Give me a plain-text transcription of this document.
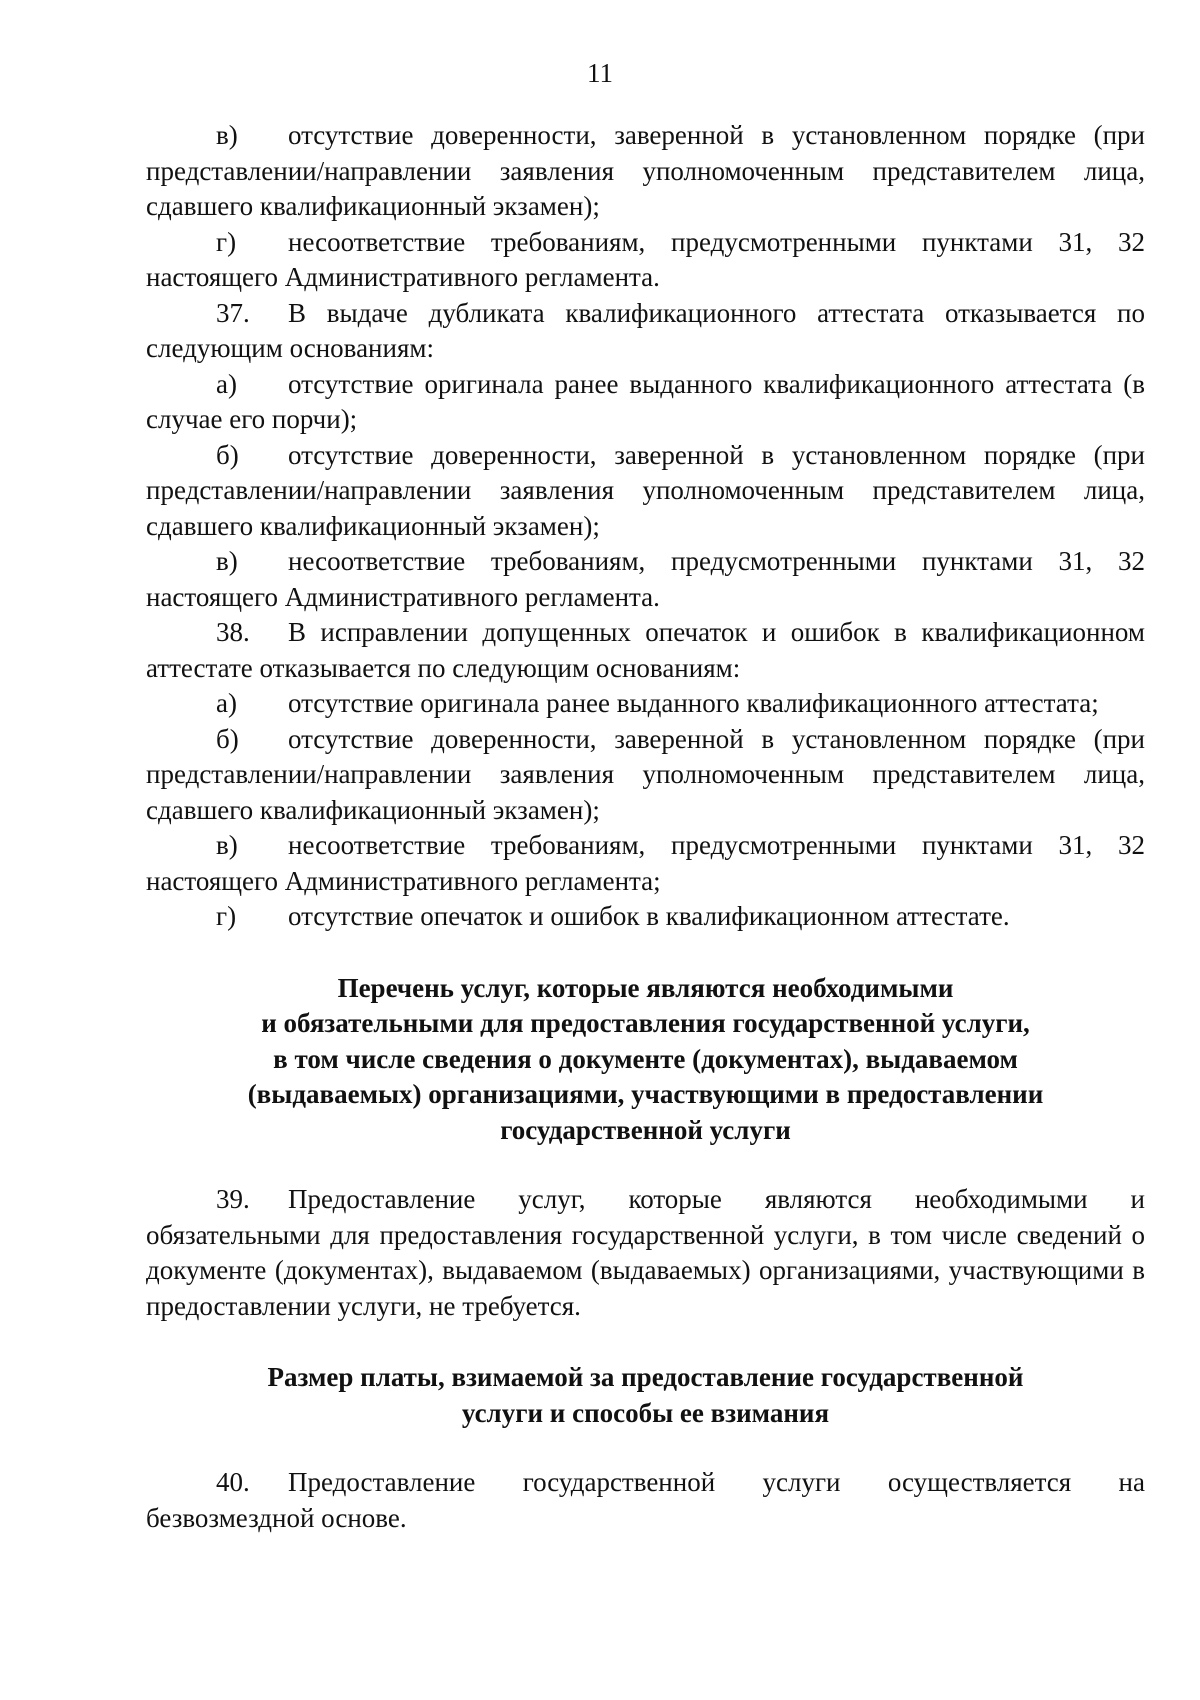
11

в) отсутствие доверенности, заверенной в установленном порядке (при представлении/направлении заявления уполномоченным представителем лица, сдавшего квалификационный экзамен);

г) несоответствие требованиям, предусмотренными пунктами 31, 32 настоящего Административного регламента.

37. В выдаче дубликата квалификационного аттестата отказывается по следующим основаниям:

а) отсутствие оригинала ранее выданного квалификационного аттестата (в случае его порчи);

б) отсутствие доверенности, заверенной в установленном порядке (при представлении/направлении заявления уполномоченным представителем лица, сдавшего квалификационный экзамен);

в) несоответствие требованиям, предусмотренными пунктами 31, 32 настоящего Административного регламента.

38. В исправлении допущенных опечаток и ошибок в квалификационном аттестате отказывается по следующим основаниям:

а) отсутствие оригинала ранее выданного квалификационного аттестата;

б) отсутствие доверенности, заверенной в установленном порядке (при представлении/направлении заявления уполномоченным представителем лица, сдавшего квалификационный экзамен);

в) несоответствие требованиям, предусмотренными пунктами 31, 32 настоящего Административного регламента;

г) отсутствие опечаток и ошибок в квалификационном аттестате.

Перечень услуг, которые являются необходимыми
и обязательными для предоставления государственной услуги,
в том числе сведения о документе (документах), выдаваемом
(выдаваемых) организациями, участвующими в предоставлении
государственной услуги

39. Предоставление услуг, которые являются необходимыми и обязательными для предоставления государственной услуги, в том числе сведений о документе (документах), выдаваемом (выдаваемых) организациями, участвующими в предоставлении услуги, не требуется.

Размер платы, взимаемой за предоставление государственной
услуги и способы ее взимания

40. Предоставление государственной услуги осуществляется на безвозмездной основе.
